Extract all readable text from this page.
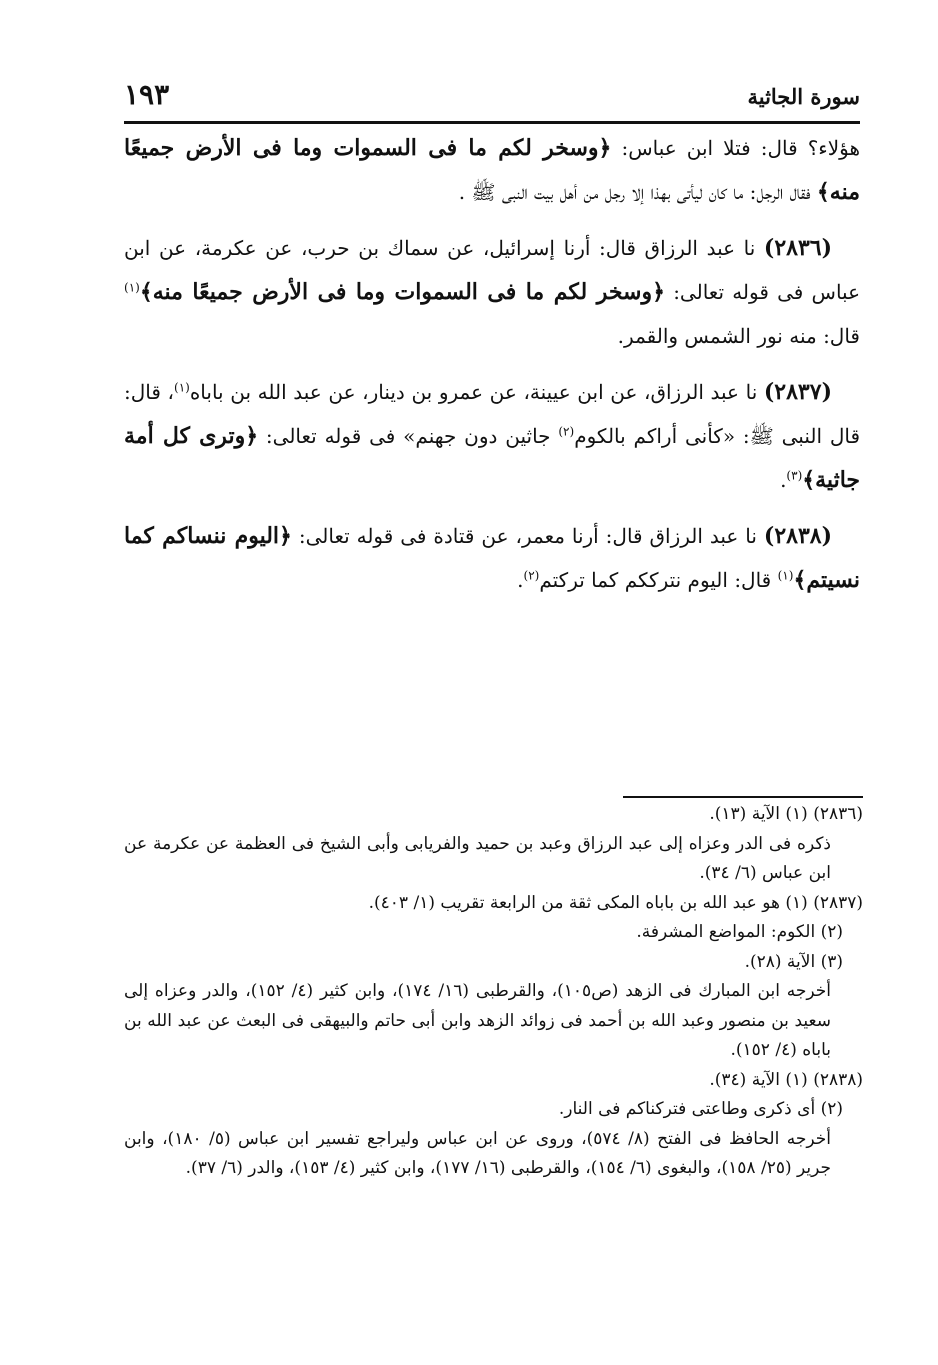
سورة الجاثية
١٩٣

هؤلاء؟ قال: فتلا ابن عباس: ﴿وسخر لكم ما فى السموات وما فى الأرض جميعًا منه﴾ فقال الرجل: ما كان ليأتى بهذا إلا رجل من أهل بيت النبى ﷺ .

(٢٨٣٦) نا عبد الرزاق قال: أرنا إسرائيل، عن سماك بن حرب، عن عكرمة، عن ابن عباس فى قوله تعالى: ﴿وسخر لكم ما فى السموات وما فى الأرض جميعًا منه﴾$^{(١)}$ قال: منه نور الشمس والقمر.

(٢٨٣٧) نا عبد الرزاق، عن ابن عيينة، عن عمرو بن دينار، عن عبد الله بن باباه$^{(١)}$، قال: قال النبى ﷺ: «كأنى أراكم بالكوم$^{(٢)}$ جاثين دون جهنم» فى قوله تعالى: ﴿وترى كل أمة جاثية﴾$^{(٣)}$.

(٢٨٣٨) نا عبد الرزاق قال: أرنا معمر، عن قتادة فى قوله تعالى: ﴿اليوم ننساكم كما نسيتم﴾$^{(١)}$ قال: اليوم نترككم كما تركتم$^{(٢)}$.

(٢٨٣٦) (١) الآية (١٣).

ذكره فى الدر وعزاه إلى عبد الرزاق وعبد بن حميد والفريابى وأبى الشيخ فى العظمة عن عكرمة عن ابن عباس (٦/ ٣٤).

(٢٨٣٧) (١) هو عبد الله بن باباه المكى ثقة من الرابعة تقريب (١/ ٤٠٣).

(٢) الكوم: المواضع المشرفة.

(٣) الآية (٢٨).

أخرجه ابن المبارك فى الزهد (ص١٠٥)، والقرطبى (١٦/ ١٧٤)، وابن كثير (٤/ ١٥٢)، والدر وعزاه إلى سعيد بن منصور وعبد الله بن أحمد فى زوائد الزهد وابن أبى حاتم والبيهقى فى البعث عن عبد الله بن باباه (٤/ ١٥٢).

(٢٨٣٨) (١) الآية (٣٤).

(٢) أى ذكرى وطاعتى فتركناكم فى النار.

أخرجه الحافظ فى الفتح (٨/ ٥٧٤)، وروى عن ابن عباس وليراجع تفسير ابن عباس (٥/ ١٨٠)، وابن جرير (٢٥/ ١٥٨)، والبغوى (٦/ ١٥٤)، والقرطبى (١٦/ ١٧٧)، وابن كثير (٤/ ١٥٣)، والدر (٦/ ٣٧).
